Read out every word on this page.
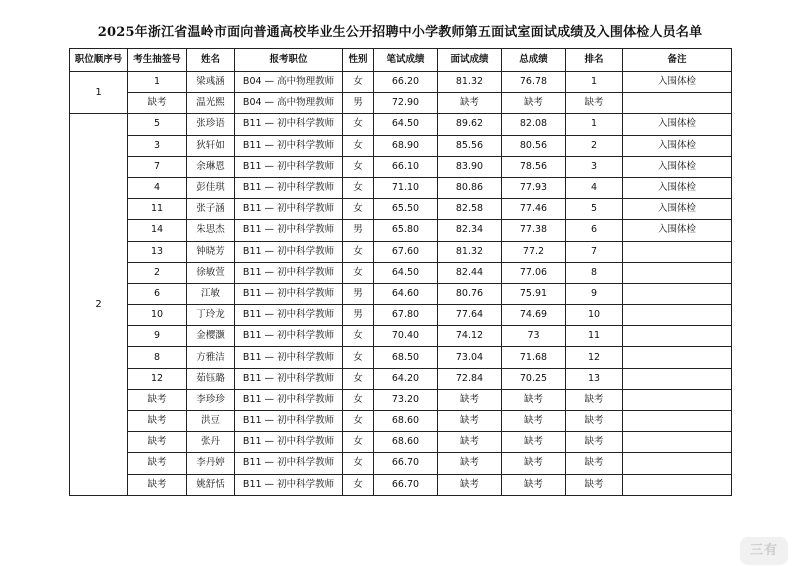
2025年浙江省温岭市面向普通高校毕业生公开招聘中小学教师第五面试室面试成绩及入围体检人员名单
职位顺序号	考生抽签号	姓名	报考职位	性别	笔试成绩	面试成绩	总成绩	排名	备注
1	1	梁彧涵	B04 — 高中物理教师	女	66.20	81.32	76.78	1	入围体检
	缺考	温光熙	B04 — 高中物理教师	男	72.90	缺考	缺考	缺考	
2	5	张珍语	B11 — 初中科学教师	女	64.50	89.62	82.08	1	入围体检
	3	狄轩如	B11 — 初中科学教师	女	68.90	85.56	80.56	2	入围体检
	7	余琳恩	B11 — 初中科学教师	女	66.10	83.90	78.56	3	入围体检
	4	彭佳琪	B11 — 初中科学教师	女	71.10	80.86	77.93	4	入围体检
	11	张子涵	B11 — 初中科学教师	女	65.50	82.58	77.46	5	入围体检
	14	朱思杰	B11 — 初中科学教师	男	65.80	82.34	77.38	6	入围体检
	13	钟晓芳	B11 — 初中科学教师	女	67.60	81.32	77.2	7	
	2	徐敏萱	B11 — 初中科学教师	女	64.50	82.44	77.06	8	
	6	江敏	B11 — 初中科学教师	男	64.60	80.76	75.91	9	
	10	丁玲龙	B11 — 初中科学教师	男	67.80	77.64	74.69	10	
	9	金樱灏	B11 — 初中科学教师	女	70.40	74.12	73	11	
	8	方雅洁	B11 — 初中科学教师	女	68.50	73.04	71.68	12	
	12	茹钰璐	B11 — 初中科学教师	女	64.20	72.84	70.25	13	
	缺考	李珍珍	B11 — 初中科学教师	女	73.20	缺考	缺考	缺考	
	缺考	洪豆	B11 — 初中科学教师	女	68.60	缺考	缺考	缺考	
	缺考	张丹	B11 — 初中科学教师	女	68.60	缺考	缺考	缺考	
	缺考	李丹婷	B11 — 初中科学教师	女	66.70	缺考	缺考	缺考	
	缺考	姚舒恬	B11 — 初中科学教师	女	66.70	缺考	缺考	缺考	
三有
